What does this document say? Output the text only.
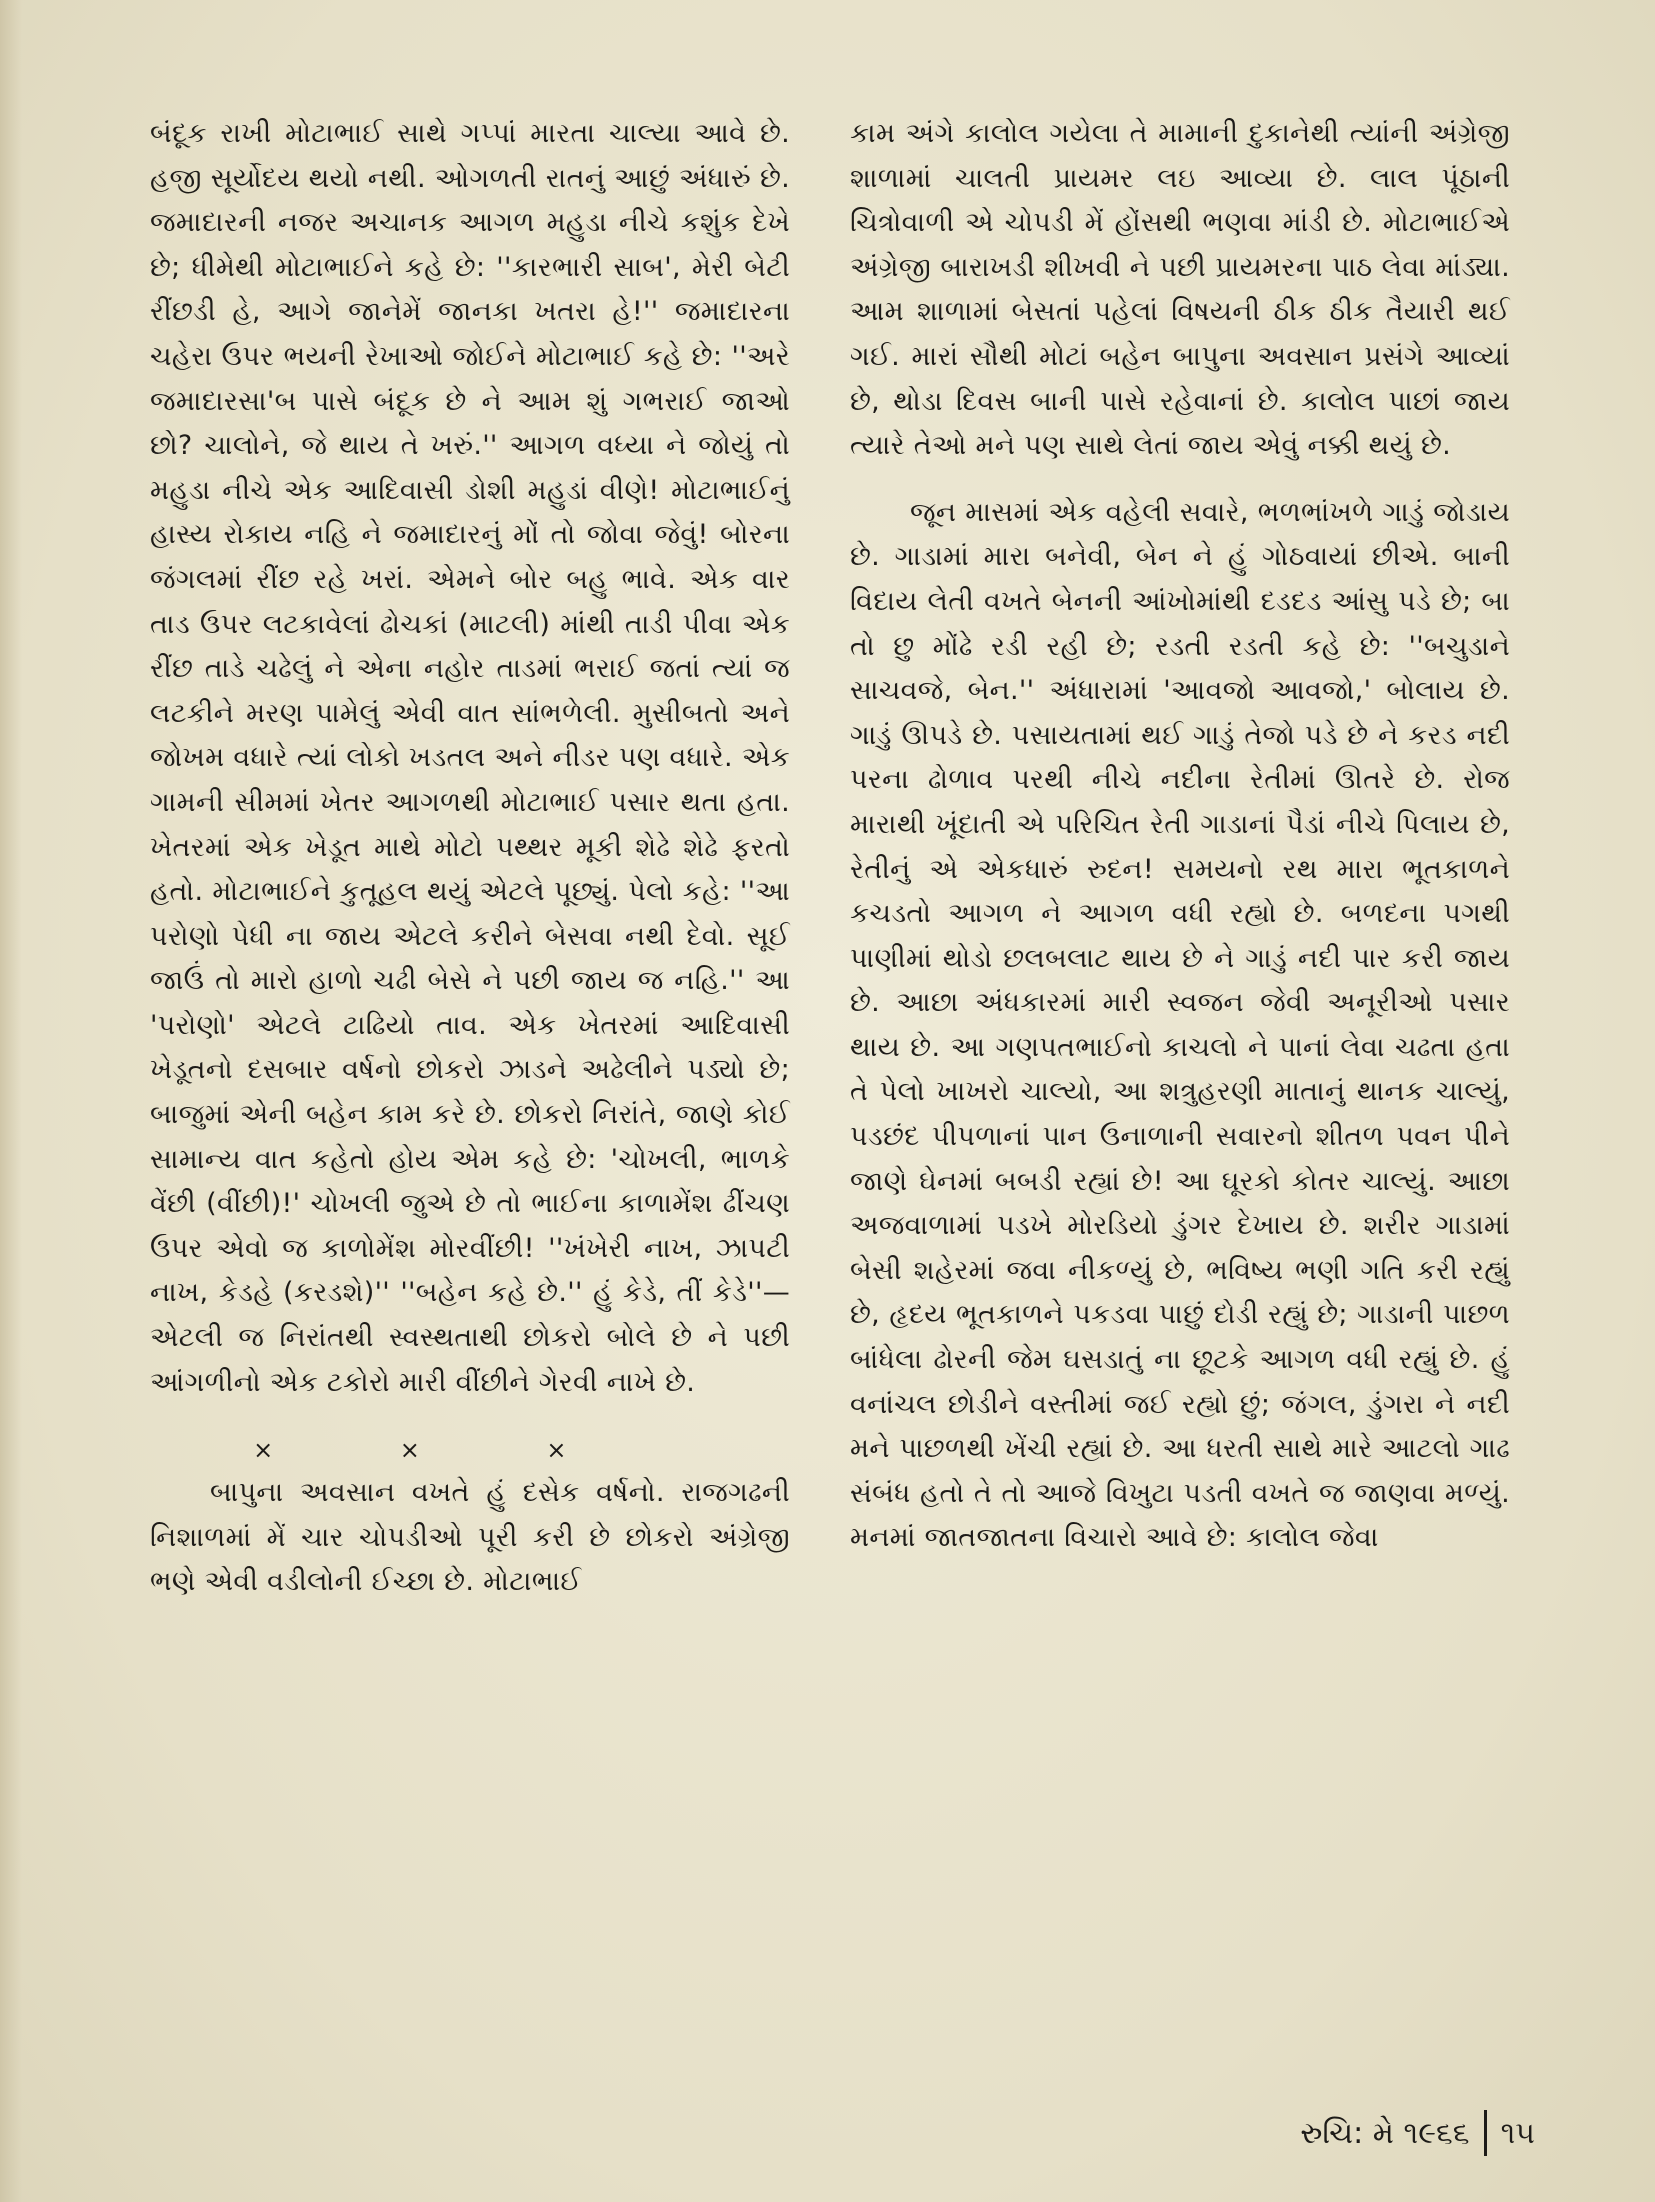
બંદૂક રાખી મોટાભાઈ સાથે ગપ્પાં મારતા ચાલ્યા આવે છે. હજી સૂર્યોદય થયો નથી. ઓગળતી રાતનું આછું અંધારું છે. જમાદારની નજર અચાનક આગળ મહુડા નીચે કશુંક દેખે છે; ધીમેથી મોટાભાઈને કહે છે: ''કારભારી સાબ', મેરી બેટી રીંછડી હે, આગે જાનેમેં જાનકા ખતરા હે!'' જમાદારના ચહેરા ઉપર ભયની રેખાઓ જોઈને મોટાભાઈ કહે છે: ''અરે જમાદારસા'બ પાસે બંદૂક છે ને આમ શું ગભરાઈ જાઓ છો? ચાલોને, જે થાય તે ખરું.'' આગળ વધ્યા ને જોયું તો મહુડા નીચે એક આદિવાસી ડોશી મહુડાં વીણે! મોટાભાઈનું હાસ્ય રોકાય નહિ ને જમાદારનું મોં તો જોવા જેવું! બોરના જંગલમાં રીંછ રહે ખરાં. એમને બોર બહુ ભાવે. એક વાર તાડ ઉપર લટકાવેલાં ઢોચકાં (માટલી) માંથી તાડી પીવા એક રીંછ તાડે ચઢેલું ને એના નહોર તાડમાં ભરાઈ જતાં ત્યાં જ લટકીને મરણ પામેલું એવી વાત સાંભળેલી. મુસીબતો અને જોખમ વધારે ત્યાં લોકો ખડતલ અને નીડર પણ વધારે. એક ગામની સીમમાં ખેતર આગળથી મોટાભાઈ પસાર થતા હતા. ખેતરમાં એક ખેડૂત માથે મોટો પથ્થર મૂકી શેઢે શેઢે ફરતો હતો. મોટાભાઈને કુતૂહલ થયું એટલે પૂછ્યું. પેલો કહે: ''આ પરોણો પેધી ના જાય એટલે કરીને બેસવા નથી દેવો. સૂઈ જાઉં તો મારો હાળો ચઢી બેસે ને પછી જાય જ નહિ.'' આ 'પરોણો' એટલે ટાઢિયો તાવ. એક ખેતરમાં આદિવાસી ખેડૂતનો દસબાર વર્ષનો છોકરો ઝાડને અઢેલીને પડ્યો છે; બાજુમાં એની બહેન કામ કરે છે. છોકરો નિરાંતે, જાણે કોઈ સામાન્ય વાત કહેતો હોય એમ કહે છે: 'ચોખલી, ભાળકે વેંછી (વીંછી)!' ચોખલી જુએ છે તો ભાઈના કાળામેંશ ઢીંચણ ઉપર એવો જ કાળોમેંશ મોરવીંછી! ''ખંખેરી નાખ, ઝાપટી નાખ, કેડહે (કરડશે)'' ''બહેન કહે છે.'' હું કેડે, તીં કેડે''— એટલી જ નિરાંતથી સ્વસ્થતાથી છોકરો બોલે છે ને પછી આંગળીનો એક ટકોરો મારી વીંછીને ગેરવી નાખે છે.

×	×	×

બાપુના અવસાન વખતે હું દસેક વર્ષનો. રાજગઢની નિશાળમાં મેં ચાર ચોપડીઓ પૂરી કરી છે છોકરો અંગ્રેજી ભણે એવી વડીલોની ઈચ્છા છે. મોટાભાઈ

કામ અંગે કાલોલ ગયેલા તે મામાની દુકાનેથી ત્યાંની અંગ્રેજી શાળામાં ચાલતી પ્રાયમર લઇ આવ્યા છે. લાલ પૂંઠાની ચિત્રોવાળી એ ચોપડી મેં હોંસથી ભણવા માંડી છે. મોટાભાઈએ અંગ્રેજી બારાખડી શીખવી ને પછી પ્રાયમરના પાઠ લેવા માંડ્યા. આમ શાળામાં બેસતાં પહેલાં વિષયની ઠીક ઠીક તૈયારી થઈ ગઈ. મારાં સૌથી મોટાં બહેન બાપુના અવસાન પ્રસંગે આવ્યાં છે, થોડા દિવસ બાની પાસે રહેવાનાં છે. કાલોલ પાછાં જાય ત્યારે તેઓ મને પણ સાથે લેતાં જાય એવું નક્કી થયું છે.

જૂન માસમાં એક વહેલી સવારે, ભળભાંખળે ગાડું જોડાય છે. ગાડામાં મારા બનેવી, બેન ને હું ગોઠવાયાં છીએ. બાની વિદાય લેતી વખતે બેનની આંખોમાંથી દડદડ આંસુ પડે છે; બા તો છુ મોંઢે રડી રહી છે; રડતી રડતી કહે છે: ''બચુડાને સાચવજે, બેન.'' અંધારામાં 'આવજો આવજો,' બોલાય છે. ગાડું ઊપડે છે. પસાયતામાં થઈ ગાડું તેજો પડે છે ને કરડ નદી પરના ઢોળાવ પરથી નીચે નદીના રેતીમાં ઊતરે છે. રોજ મારાથી ખૂંદાતી એ પરિચિત રેતી ગાડાનાં પૈડાં નીચે પિલાય છે, રેતીનું એ એકધારું રુદન! સમયનો રથ મારા ભૂતકાળને કચડતો આગળ ને આગળ વધી રહ્યો છે. બળદના પગથી પાણીમાં થોડો છલબલાટ થાય છે ને ગાડું નદી પાર કરી જાય છે. આછા અંધકારમાં મારી સ્વજન જેવી અનૂરીઓ પસાર થાય છે. આ ગણપતભાઈનો કાચલો ને પાનાં લેવા ચઢતા હતા તે પેલો ખાખરો ચાલ્યો, આ શત્રુહરણી માતાનું થાનક ચાલ્યું, પડછંદ પીપળાનાં પાન ઉનાળાની સવારનો શીતળ પવન પીને જાણે ઘેનમાં બબડી રહ્યાં છે! આ ઘૂરકો કોતર ચાલ્યું. આછા અજવાળામાં પડખે મોરડિયો ડુંગર દેખાય છે. શરીર ગાડામાં બેસી શહેરમાં જવા નીકળ્યું છે, ભવિષ્ય ભણી ગતિ કરી રહ્યું છે, હૃદય ભૂતકાળને પકડવા પાછું દોડી રહ્યું છે; ગાડાની પાછળ બાંધેલા ઢોરની જેમ ઘસડાતું ના છૂટકે આગળ વધી રહ્યું છે. હું વનાંચલ છોડીને વસ્તીમાં જઈ રહ્યો છું; જંગલ, ડુંગરા ને નદી મને પાછળથી ખેંચી રહ્યાં છે. આ ધરતી સાથે મારે આટલો ગાઢ સંબંધ હતો તે તો આજે વિખુટા પડતી વખતે જ જાણવા મળ્યું. મનમાં જાતજાતના વિચારો આવે છે: કાલોલ જેવા

રુચિ: મે ૧૯૬૬ ૧૫
